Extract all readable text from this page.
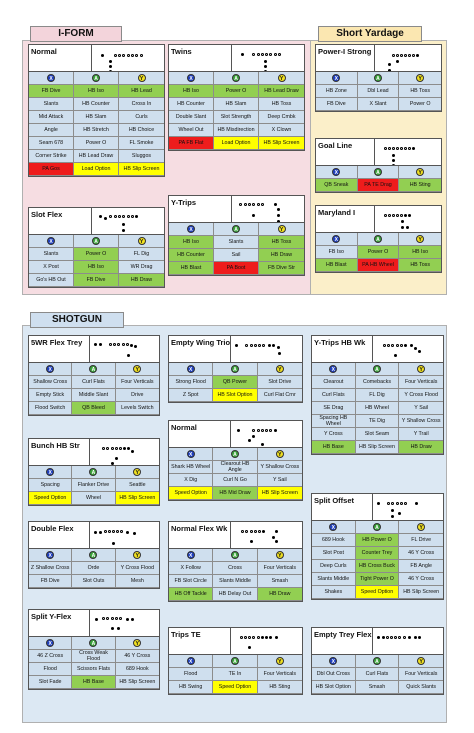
I-FORM	Short Yardage
SHOTGUN
Normal
X	A	Y
FB Dive	HB Iso	HB Lead
Slants	HB Counter	Cross In
Mid Attack	HB Slam	Curls
Angle	HB Stretch	HB Choice
Seam 678	Power O	FL Smoke
Corner Strike	HB Lead Draw	Sluggos
PA Gos	Load Option	HB Slip Screen
Twins
X	A	Y
HB Iso	Power O	HB Lead Draw
HB Counter	HB Slam	HB Toss
Double Slant	Slot Strength	Deep Cmbk
Wheel Out	HB Misdirection	X Clown
PA FB Flat	Load Option	HB Slip Screen
Slot Flex
X	A	Y
Slants	Power O	FL Dig
X Post	HB Iso	WR Drag
Go's HB Out	FB Dive	HB Draw
Y-Trips
X	A	Y
HB Iso	Slants	HB Toss
HB Counter	Sail	HB Draw
HB Blast	PA Boot	FB Dive Str
Power-I Strong
X	A	Y
HB Zone	Dbl Lead	HB Toss
FB Dive	X Slant	Power O
Goal Line
X	A	Y
QB Sneak	PA TE Drag	HB Sting
Maryland I
X	A	Y
FB Iso	Power O	HB Iso
HB Blast	PA HB Wheel	HB Toss
5WR Flex Trey
X	A	Y
Shallow Cross	Curl Flats	Four Verticals
Empty Stick	Middle Slant	Drive
Flood Switch	QB Bleed	Levels Switch
Bunch HB Str
X	A	Y
Spacing	Flanker Drive	Seattle
Speed Option	Wheel	HB Slip Screen
Double Flex
X	A	Y
Z Shallow Cross	Orde	Y Cross Flood
FB Dive	Slot Outs	Mesh
Split Y-Flex
X	A	Y
46 Z Cross	Cross Weak Flood	46 Y Cross
Flood	Scissors Flats	689 Hook
Slot Fade	HB Base	HB Slip Screen
Empty Wing Trio
X	A	Y
Strong Flood	QB Power	Slot Drive
Z Spot	HB Slot Option	Curl Flat Crnr
Normal
X	A	Y
Shark HB Wheel	Clearout HB Angle	Y Shallow Cross
X Dig	Curl N Go	Y Sail
Speed Option	HB Mid Draw	HB Slip Screen
Normal Flex Wk
X	A	Y
X Follow	Cross	Four Verticals
FB Slot Circle	Slants Middle	Smash
HB Off Tackle	HB Delay Out	HB Draw
Trips TE
X	A	Y
Flood	TE In	Four Verticals
HB Swing	Speed Option	HB Sting
Y-Trips HB Wk
X	A	Y
Clearout	Comebacks	Four Verticals
Curl Flats	FL Dig	Y Cross Flood
SE Drag	HB Wheel	Y Sail
Spacing HB Wheel	TE Dig	Y Shallow Cross
Y Cross	Slot Seam	Y Trail
HB Base	HB Slip Screen	HB Draw
Split Offset
X	A	Y
689 Hook	HB Power O	FL Drive
Slot Post	Counter Trey	46 Y Cross
Deep Curls	HB Cross Buck	FB Angle
Slants Middle	Tight Power O	46 Y Cross
Shakes	Speed Option	HB Slip Screen
Empty Trey Flex
X	A	Y
Dbl Out Cross	Curl Flats	Four Verticals
HB Slot Option	Smash	Quick Slants
